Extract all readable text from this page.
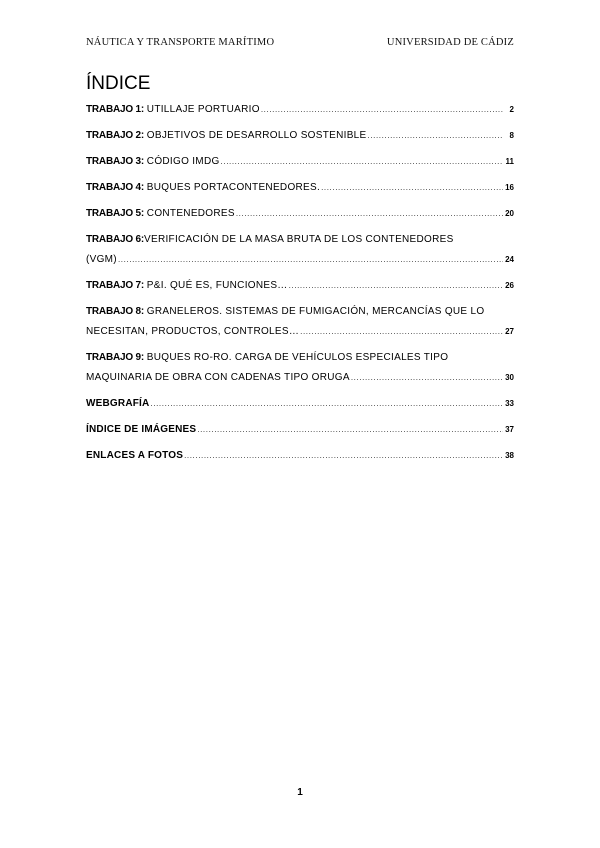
NÁUTICA Y TRANSPORTE MARÍTIMO	UNIVERSIDAD DE CÁDIZ
ÍNDICE
TRABAJO 1:
UTILLAJE PORTUARIO .....	2
TRABAJO 2:
OBJETIVOS DE DESARROLLO SOSTENIBLE .....	8
TRABAJO 3:
CÓDIGO IMDG .....	11
TRABAJO 4:
BUQUES PORTACONTENEDORES. .....	16
TRABAJO 5:
CONTENEDORES .....	20
TRABAJO 6: VERIFICACIÓN DE LA MASA BRUTA DE LOS CONTENEDORES
(VGM) .....	24
TRABAJO 7:
P&I. QUÉ ES, FUNCIONES… .....	26
TRABAJO 8:
GRANELEROS. SISTEMAS DE FUMIGACIÓN, MERCANCÍAS QUE LO
NECESITAN, PRODUCTOS, CONTROLES… .....	27
TRABAJO 9:
BUQUES RO-RO. CARGA DE VEHÍCULOS ESPECIALES TIPO
MAQUINARIA DE OBRA CON CADENAS TIPO ORUGA .....	30
WEBGRAFÍA .....	33
ÍNDICE DE IMÁGENES .....	37
ENLACES A FOTOS .....	38
1
